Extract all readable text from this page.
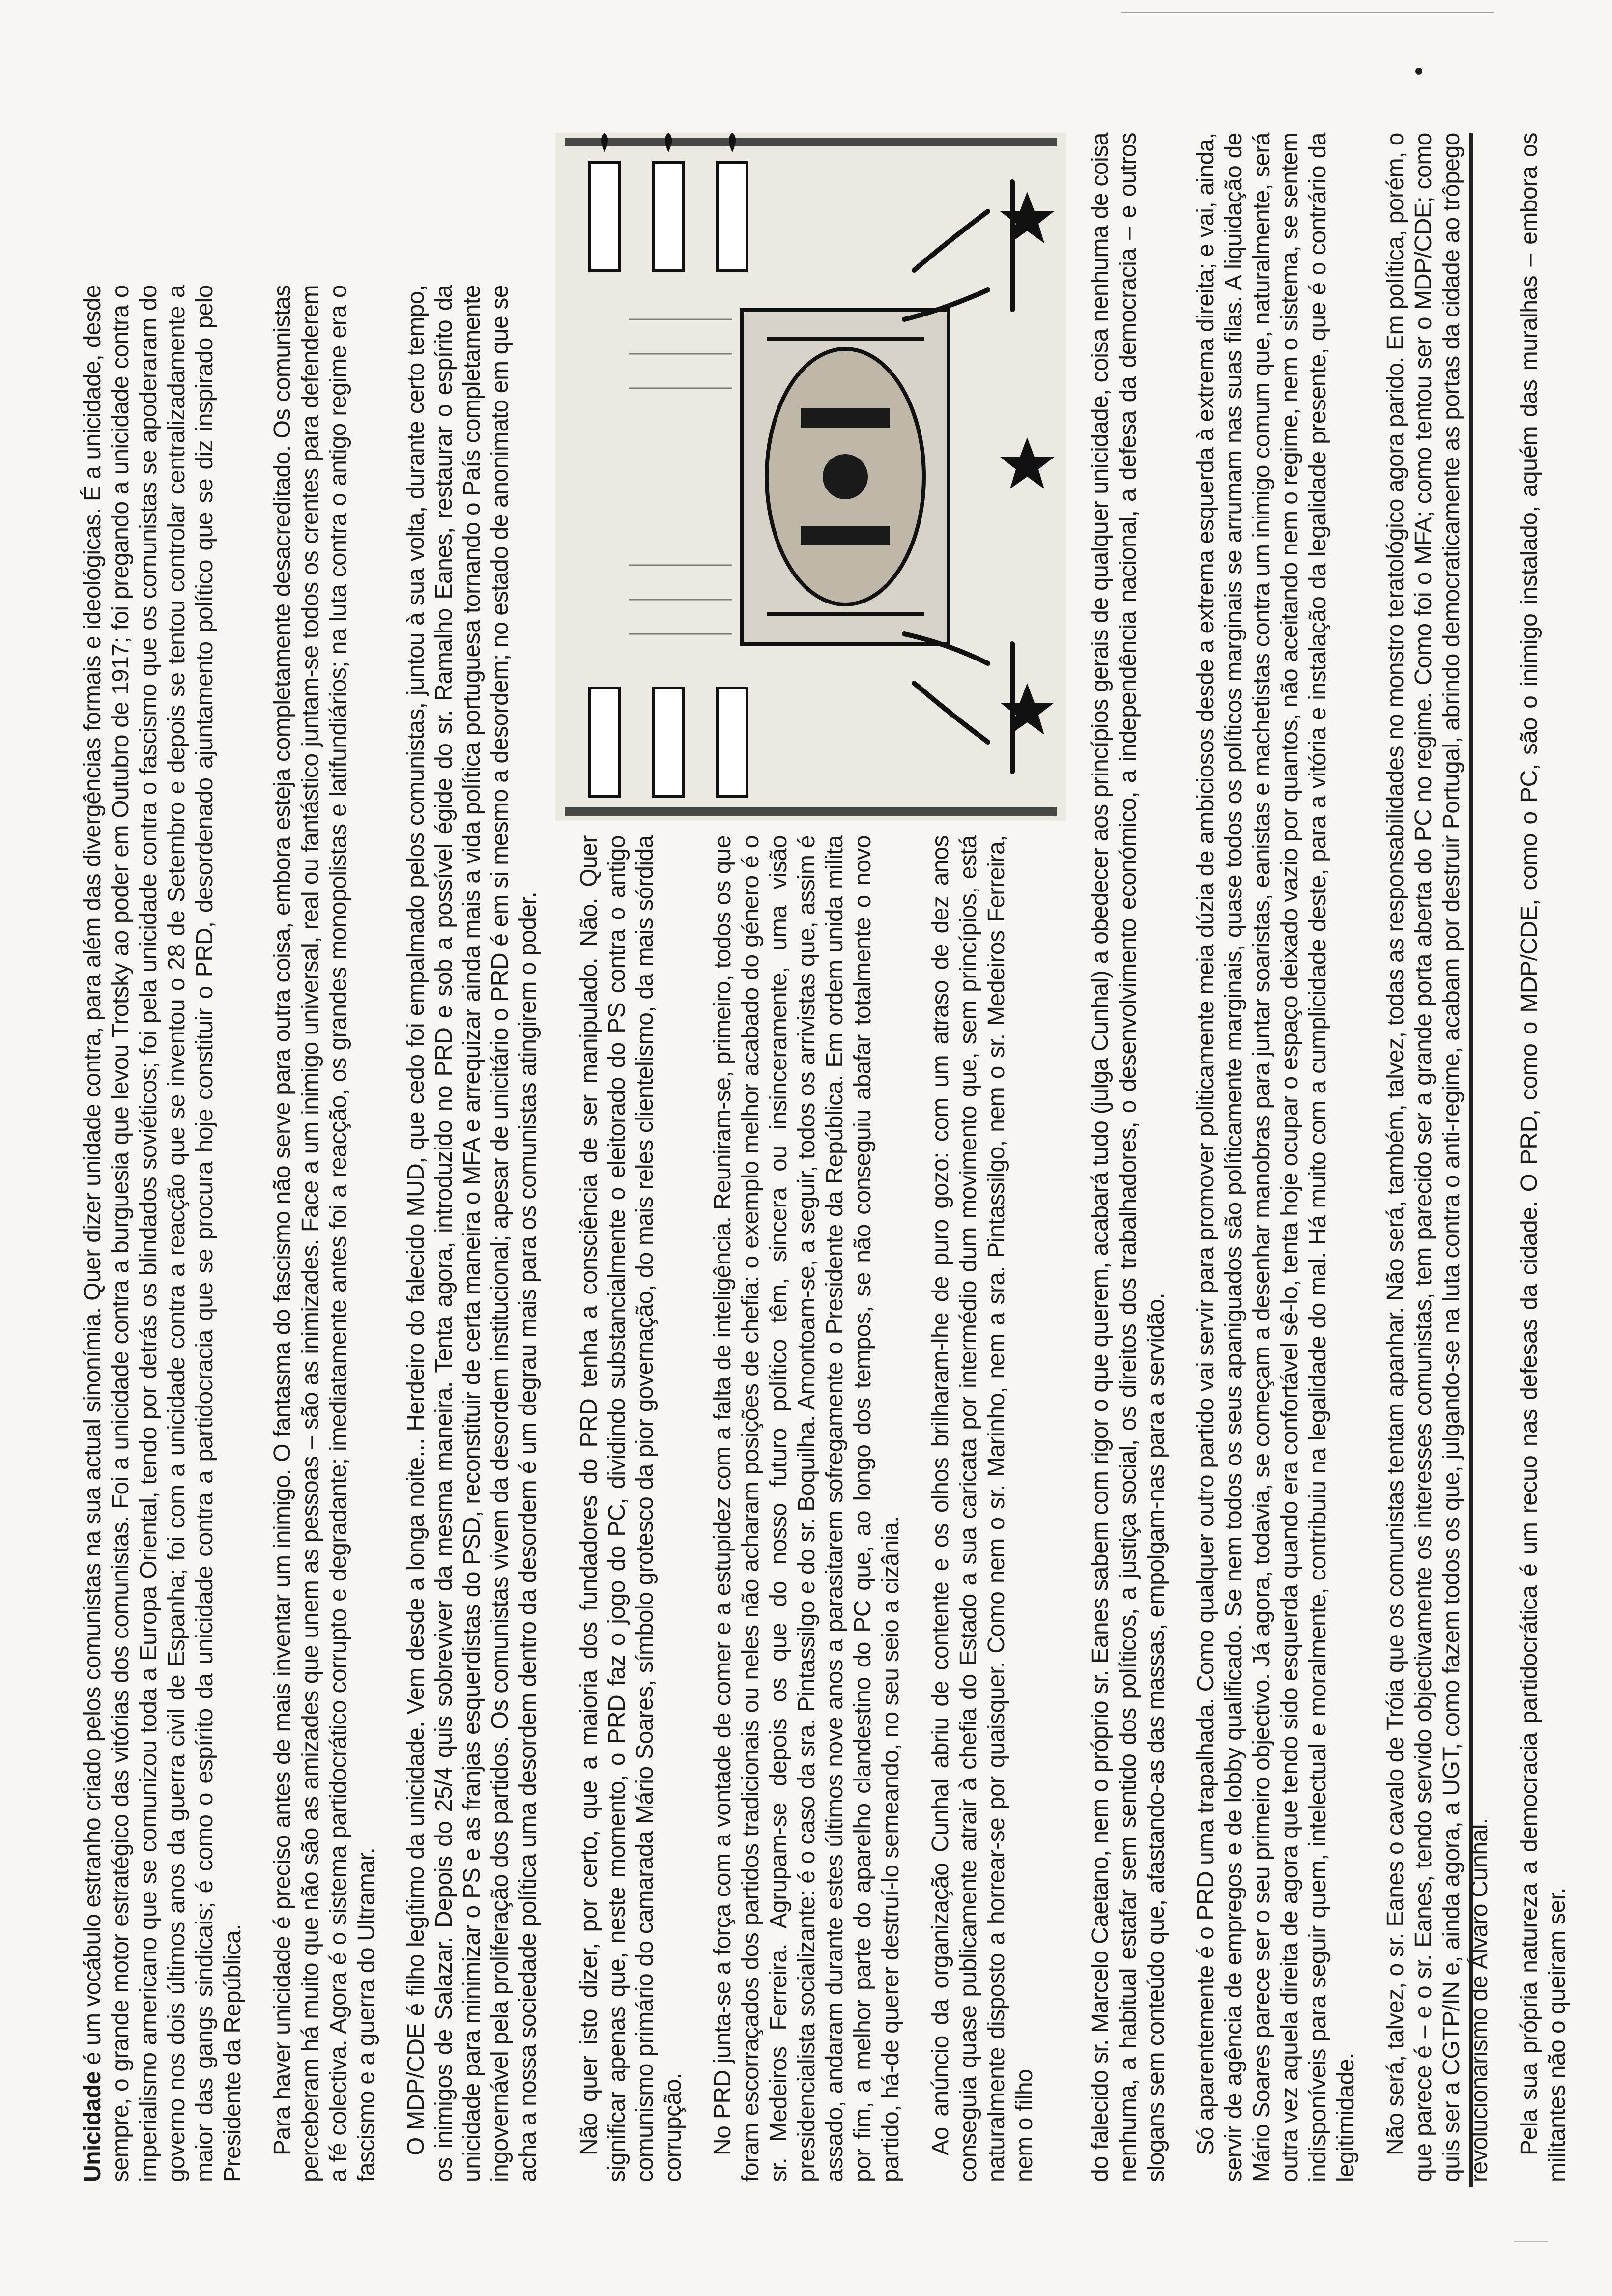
Unicidade é um vocábulo estranho criado pelos comunistas na sua actual sinonímia. Quer dizer unidade contra, para além das divergências formais e ideológicas. É a unicidade, desde sempre, o grande motor estratégico das vitórias dos comunistas. Foi a unicidade contra a burguesia que levou Trotsky ao poder em Outubro de 1917; foi pregando a unicidade contra o imperialismo americano que se comunizou toda a Europa Oriental, tendo por detrás os blindados soviéticos; foi pela unicidade contra o fascismo que os comunistas se apoderaram do governo nos dois últimos anos da guerra civil de Espanha; foi com a unicidade contra a reacção que se inventou o 28 de Setembro e depois se tentou controlar centralizadamente a maior das gangs sindicais; é como o espírito da unicidade contra a partidocracia que se procura hoje constituir o PRD, desordenado ajuntamento político que se diz inspirado pelo Presidente da República. Para haver unicidade é preciso antes de mais inventar um inimigo. O fantasma do fascismo não serve para outra coisa, embora esteja completamente desacreditado. Os comunistas perceberam há muito que não são as amizades que unem as pessoas – são as inimizades. Face a um inimigo universal, real ou fantástico juntam-se todos os crentes para defenderem a fé colectiva. Agora é o sistema partidocrático corrupto e degradante; imediatamente antes foi a reacção, os grandes monopolistas e latifundiários; na luta contra o antigo regime era o fascismo e a guerra do Ultramar. O MDP/CDE é filho legítimo da unicidade. Vem desde a longa noite... Herdeiro do falecido MUD, que cedo foi empalmado pelos comunistas, juntou à sua volta, durante certo tempo, os inimigos de Salazar. Depois do 25/4 quis sobreviver da mesma maneira. Tenta agora, introduzido no PRD e sob a possível égide do sr. Ramalho Eanes, restaurar o espírito da unicidade para minimizar o PS e as franjas esquerdistas do PSD, reconstituir de certa maneira o MFA e arrequizar ainda mais a vida política portuguesa tornando o País completamente ingovernável pela proliferação dos partidos. Os comunistas vivem da desordem institucional; apesar de unicitário o PRD é em si mesmo a desordem; no estado de anonimato em que se acha a nossa sociedade política uma desordem dentro da desordem é um degrau mais para os comunistas atingirem o poder. Não quer isto dizer, por certo, que a maioria dos fundadores do PRD tenha a consciência de ser manipulado. Não. Quer significar apenas que, neste momento, o PRD faz o jogo do PC, dividindo substancialmente o eleitorado do PS contra o antigo comunismo primário do camarada Mário Soares, símbolo grotesco da pior governação, do mais reles clientelismo, da mais sórdida corrupção. No PRD junta-se a força com a vontade de comer e a estupidez com a falta de inteligência. Reuniram-se, primeiro, todos os que foram escorraçados dos partidos tradicionais ou neles não acharam posições de chefia: o exemplo melhor acabado do género é o sr. Medeiros Ferreira. Agrupam-se depois os que do nosso futuro político têm, sincera ou insinceramente, uma visão presidencialista socializante: é o caso da sra. Pintassilgo e do sr. Boquilha. Amontoam-se, a seguir, todos os arrivistas que, assim é assado, andaram durante estes últimos nove anos a parasitarem sofregamente o Presidente da República. Em ordem unida milita por fim, a melhor parte do aparelho clandestino do PC que, ao longo dos tempos, se não conseguiu abafar totalmente o novo partido, há-de querer destruí-lo semeando, no seu seio a cizânia. Ao anúncio da organização Cunhal abriu de contente e os olhos brilharam-lhe de puro gozo: com um atraso de dez anos conseguia quase publicamente atrair à chefia do Estado a sua caricata por intermédio dum movimento que, sem princípios, está naturalmente disposto a horrear-se por quaisquer. Como nem o sr. Marinho, nem a sra. Pintassilgo, nem o sr. Medeiros Ferreira, nem o filho do falecido sr. Marcelo Caetano, nem o próprio sr. Eanes sabem com rigor o que querem, acabará tudo (julga Cunhal) a obedecer aos princípios gerais de qualquer unicidade, coisa nenhuma de coisa nenhuma, a habitual estafar sem sentido dos políticos, a justiça social, os direitos dos trabalhadores, o desenvolvimento económico, a independência nacional, a defesa da democracia – e outros slogans sem conteúdo que, afastando-as das massas, empolgam-nas para a servidão. Só aparentemente é o PRD uma trapalhada. Como qualquer outro partido vai servir para promover politicamente meia dúzia de ambiciosos desde a extrema esquerda à extrema direita; e vai, ainda, servir de agência de empregos e de lobby qualificado. Se nem todos os seus apaniguados são políticamente marginais, quase todos os políticos marginais se arrumam nas suas filas. A liquidação de Mário Soares parece ser o seu primeiro objectivo. Já agora, todavia, se começam a desenhar manobras para juntar soaristas, eanistas e machetistas contra um inimigo comum que, naturalmente, será outra vez aquela direita de agora que tendo sido esquerda quando era confortável sê-lo, tenta hoje ocupar o espaço deixado vazio por quantos, não aceitando nem o regime, nem o sistema, se sentem indisponíveis para seguir quem, intelectual e moralmente, contribuiu na legalidade do mal. Há muito com a cumplicidade deste, para a vitória e instalação da legalidade presente, que é o contrário da legitimidade. Não será, talvez, o sr. Eanes o cavalo de Tróia que os comunistas tentam apanhar. Não será, também, talvez, todas as responsabilidades no monstro teratológico agora parido. Em política, porém, o que parece é – e o sr. Eanes, tendo servido objectivamente os interesses comunistas, tem parecido ser a grande porta aberta do PC no regime. Como foi o MFA; como tentou ser o MDP/CDE; como quis ser a CGTP/IN e, ainda agora, a UGT, como fazem todos os que, julgando-se na luta contra o anti-regime, acabam por destruir Portugal, abrindo democraticamente as portas da cidade ao trôpego revolucionarismo de Álvaro Cunhal. Pela sua própria natureza a democracia partidocrática é um recuo nas defesas da cidade. O PRD, como o MDP/CDE, como o PC, são o inimigo instalado, aquém das muralhas – embora os militantes não o queiram ser.
